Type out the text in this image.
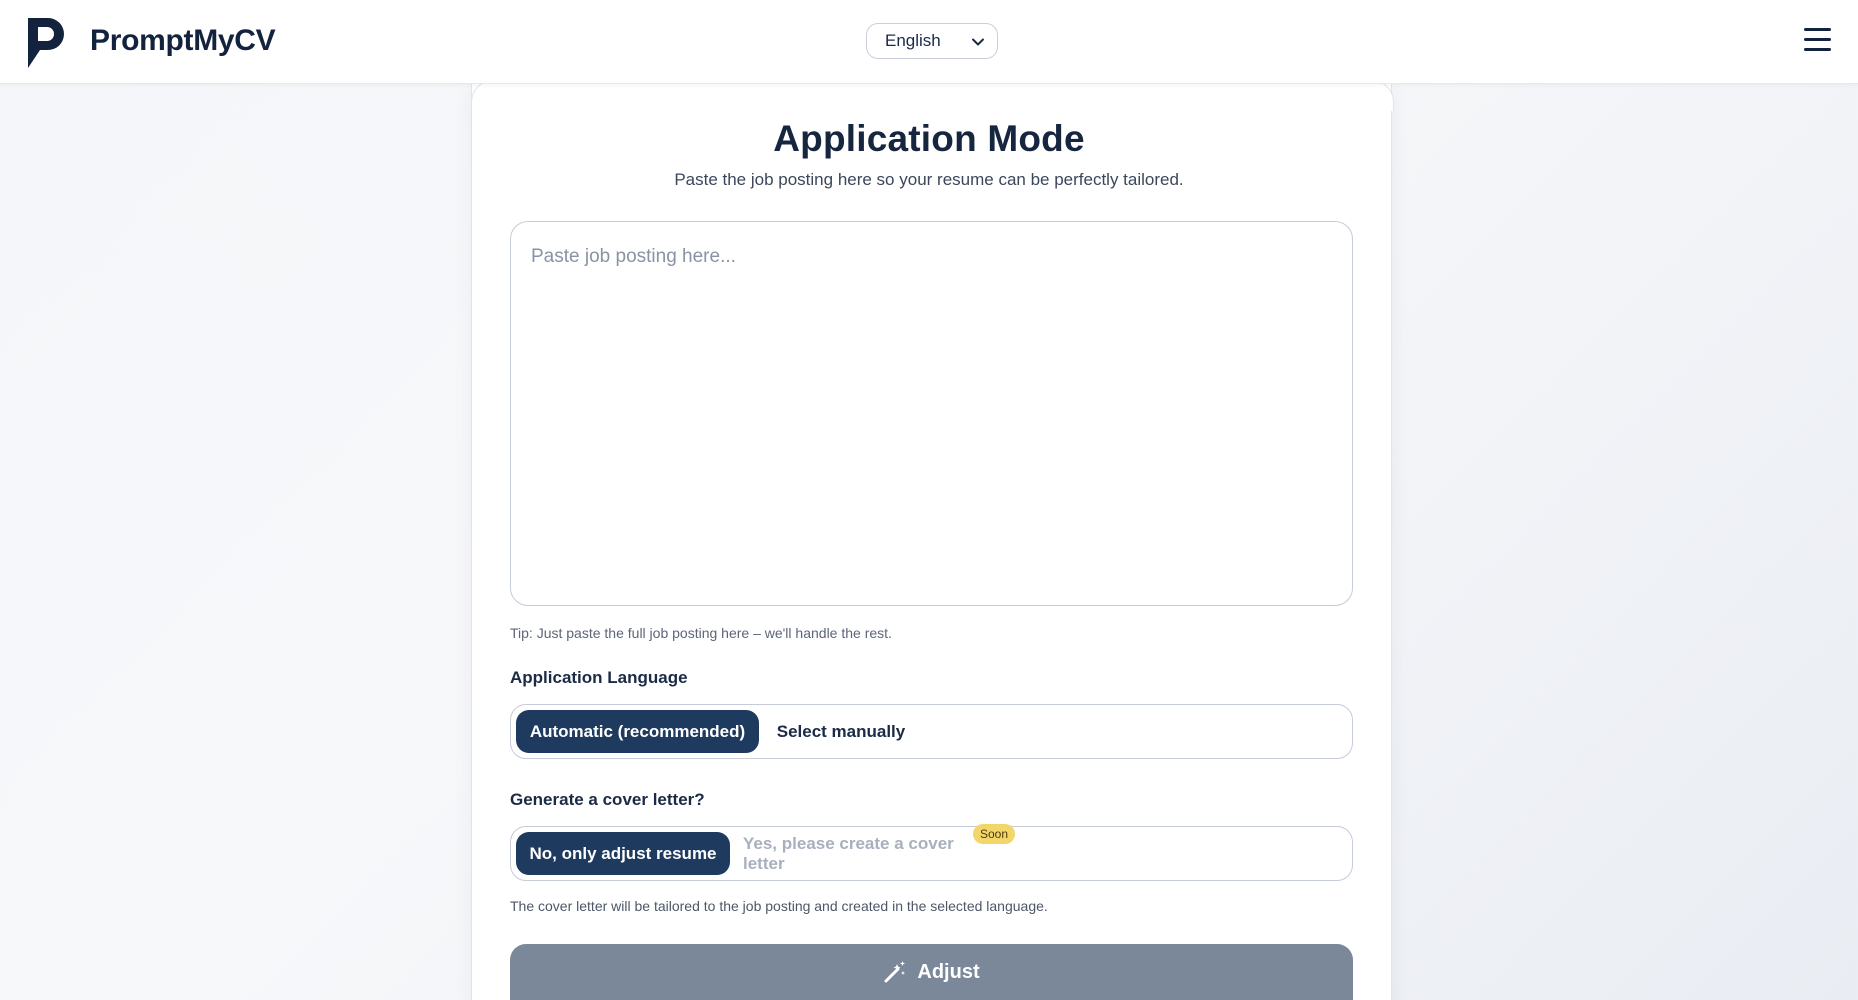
PromptMyCV	English
Application Mode

Paste the job posting here so your resume can be perfectly tailored.

Paste job posting here...

Tip: Just paste the full job posting here – we'll handle the rest.

Application Language
Automatic (recommended)	Select manually
Generate a cover letter?
No, only adjust resume
Yes, please create a cover letter
Soon

The cover letter will be tailored to the job posting and created in the selected language.

Adjust
